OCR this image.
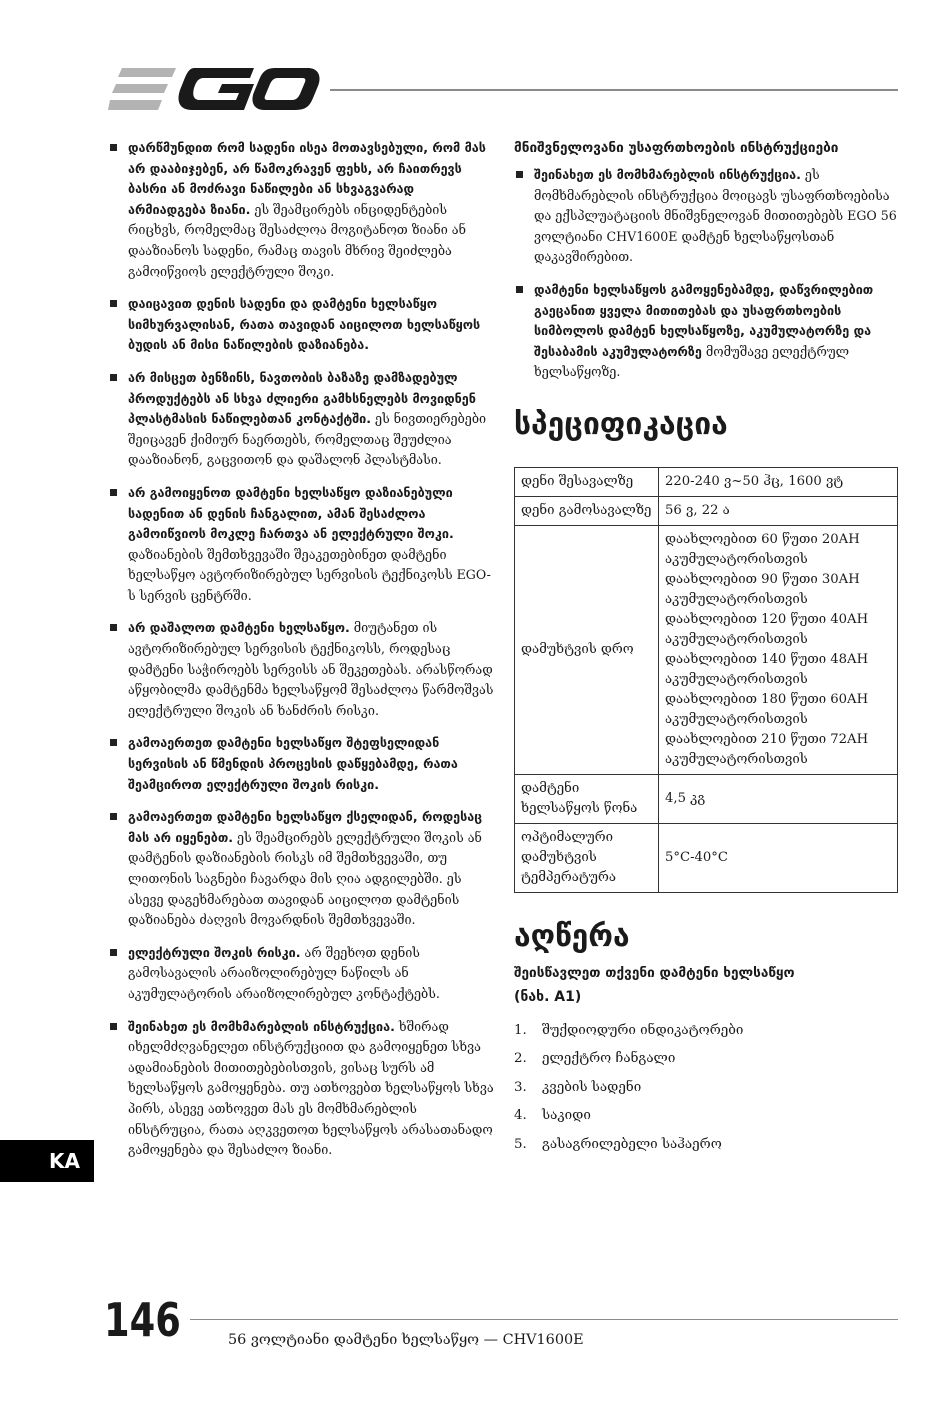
EGO
დარწმუნდით რომ სადენი ისეა მოთავსებული, რომ მას არ დააბიჯებენ, არ წამოკრავენ ფეხს, არ ჩაითრევს ბასრი ან მოძრავი ნაწილები ან სხვაგვარად არმიადგება ზიანი. ეს შეამცირებს ინციდენტების რიცხვს, რომელმაც შესაძლოა მოგიტანოთ ზიანი ან დააზიანოს სადენი, რამაც თავის მხრივ შეიძლება გამოიწვიოს ელექტრული შოკი.
დაიცავით დენის სადენი და დამტენი ხელსაწყო სიმხურვალისან, რათა თავიდან აიცილოთ ხელსაწყოს ბუდის ან მისი ნაწილების დაზიანება.
არ მისცეთ ბენზინს, ნავთობის ბაზაზე დამზადებულ პროდუქტებს ან სხვა ძლიერი გამხსნელებს მოვიდნენ პლასტმასის ნაწილებთან კონტაქტში. ეს ნივთიერებები შეიცავენ ქიმიურ ნაერთებს, რომელთაც შეუძლია დააზიანონ, გაცვითონ და დაშალონ პლასტმასი.
არ გამოიყენოთ დამტენი ხელსაწყო დაზიანებული სადენით ან დენის ჩანგალით, ამან შესაძლოა გამოიწვიოს მოკლე ჩართვა ან ელექტრული შოკი. დაზიანების შემთხვევაში შეაკეთებინეთ დამტენი ხელსაწყო ავტორიზირებულ სერვისის ტექნიკოსს EGO-ს სერვის ცენტრში.
არ დაშალოთ დამტენი ხელსაწყო. მიუტანეთ ის ავტორიზირებულ სერვისის ტექნიკოსს, როდესაც დამტენი საჭიროებს სერვისს ან შეკეთებას. არასწორად აწყობილმა დამტენმა ხელსაწყომ შესაძლოა წარმოშვას ელექტრული შოკის ან ხანძრის რისკი.
გამოაერთეთ დამტენი ხელსაწყო შტეფსელიდან სერვისის ან წმენდის პროცესის დაწყებამდე, რათა შეამციროთ ელექტრული შოკის რისკი.
გამოაერთეთ დამტენი ხელსაწყო ქსელიდან, როდესაც მას არ იყენებთ. ეს შეამცირებს ელექტრული შოკის ან დამტენის დაზიანების რისკს იმ შემთხვევაში, თუ ლითონის საგნები ჩავარდა მის ღია ადგილებში. ეს ასევე დაგეხმარებათ თავიდან აიცილოთ დამტენის დაზიანება ძაღვის მოვარდნის შემთხვევაში.
ელექტრული შოკის რისკი. არ შეეხოთ დენის გამოსავალის არაიზოლირებულ ნაწილს ან აკუმულატორის არაიზოლირებულ კონტაქტებს.
შეინახეთ ეს მომხმარებლის ინსტრუქცია. ხშირად იხელმძღვანელეთ ინსტრუქციით და გამოიყენეთ სხვა ადამიანების მითითებებისთვის, ვისაც სურს ამ ხელსაწყოს გამოყენება. თუ ათხოვებთ ხელსაწყოს სხვა პირს, ასევე ათხოვეთ მას ეს მომხმარებლის ინსტრუცია, რათა აღკვეთოთ ხელსაწყოს არასათანადო გამოყენება და შესაძლო ზიანი.
მნიშვნელოვანი უსაფრთხოების ინსტრუქციები
შეინახეთ ეს მომხმარებლის ინსტრუქცია. ეს მომხმარებლის ინსტრუქცია მოიცავს უსაფრთხოებისა და ექსპლუატაციის მნიშვნელოვან მითითებებს EGO 56 ვოლტიანი CHV1600E დამტენ ხელსაწყოსთან დაკავშირებით.
დამტენი ხელსაწყოს გამოყენებამდე, დაწვრილებით გაეცანით ყველა მითითებას და უსაფრთხოების სიმბოლოს დამტენ ხელსაწყოზე, აკუმულატორზე და შესაბამის აკუმულატორზე მომუშავე ელექტრულ ხელსაწყოზე.
სპეციფიკაცია
დენი შესავალზე	220-240 ვ~50 ჰც, 1600 ვტ
დენი გამოსავალზე	56 ვ, 22 ა
დამუხტვის დრო	დაახლოებით 60 წუთი 20AH აკუმულატორისთვის დაახლოებით 90 წუთი 30AH აკუმულატორისთვის დაახლოებით 120 წუთი 40AH აკუმულატორისთვის დაახლოებით 140 წუთი 48AH აკუმულატორისთვის დაახლოებით 180 წუთი 60AH აკუმულატორისთვის დაახლოებით 210 წუთი 72AH აკუმულატორისთვის
დამტენი ხელსაწყოს წონა	4,5 კგ
ოპტიმალური დამუხტვის ტემპერატურა	5°C-40°C
აღწერა
შეისწავლეთ თქვენი დამტენი ხელსაწყო
(ნახ. A1)
1.	შუქდიოდური ინდიკატორები
2.	ელექტრო ჩანგალი
3.	კვების სადენი
4.	საკიდი
5.	გასაგრილებელი საჰაერო
KA
146	56 ვოლტიანი დამტენი ხელსაწყო — CHV1600E
